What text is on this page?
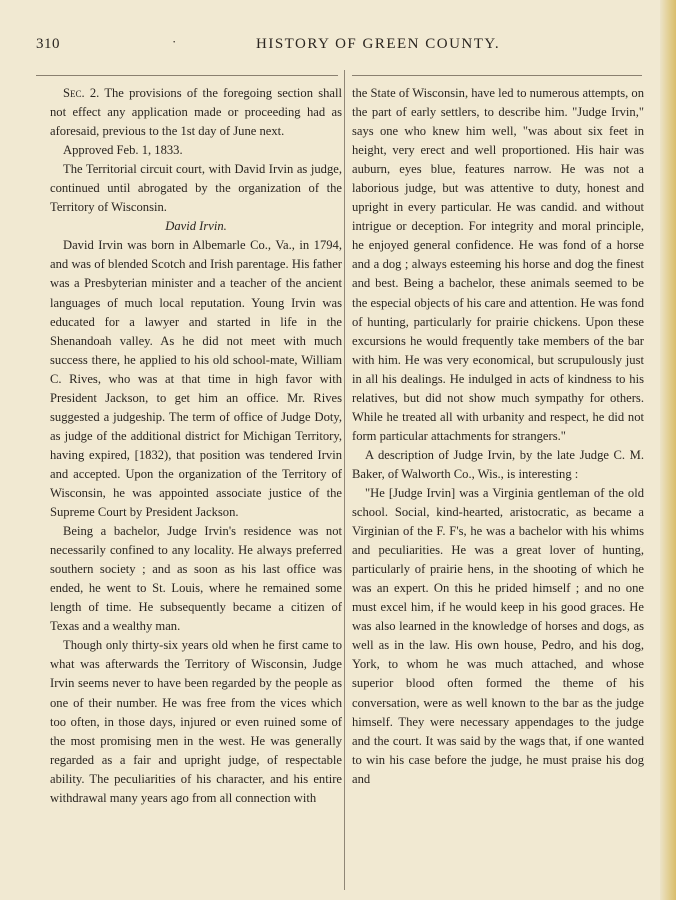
310	·	HISTORY OF GREEN COUNTY.

Sec. 2. The provisions of the foregoing section shall not effect any application made or proceeding had as aforesaid, previous to the 1st day of June next.

Approved Feb. 1, 1833.

The Territorial circuit court, with David Irvin as judge, continued until abrogated by the organization of the Territory of Wisconsin.

David Irvin.

David Irvin was born in Albemarle Co., Va., in 1794, and was of blended Scotch and Irish parentage. His father was a Presbyterian minister and a teacher of the ancient languages of much local reputation. Young Irvin was educated for a lawyer and started in life in the Shenandoah valley. As he did not meet with much success there, he applied to his old school-mate, William C. Rives, who was at that time in high favor with President Jackson, to get him an office. Mr. Rives suggested a judgeship. The term of office of Judge Doty, as judge of the additional district for Michigan Territory, having expired, [1832), that position was tendered Irvin and accepted. Upon the organization of the Territory of Wisconsin, he was appointed associate justice of the Supreme Court by President Jackson.

Being a bachelor, Judge Irvin's residence was not necessarily confined to any locality. He always preferred southern society ; and as soon as his last office was ended, he went to St. Louis, where he remained some length of time. He subsequently became a citizen of Texas and a wealthy man.

Though only thirty-six years old when he first came to what was afterwards the Territory of Wisconsin, Judge Irvin seems never to have been regarded by the people as one of their number. He was free from the vices which too often, in those days, injured or even ruined some of the most promising men in the west. He was generally regarded as a fair and upright judge, of respectable ability. The peculiarities of his character, and his entire withdrawal many years ago from all connection with

the State of Wisconsin, have led to numerous attempts, on the part of early settlers, to describe him. "Judge Irvin," says one who knew him well, "was about six feet in height, very erect and well proportioned. His hair was auburn, eyes blue, features narrow. He was not a laborious judge, but was attentive to duty, honest and upright in every particular. He was candid. and without intrigue or deception. For integrity and moral principle, he enjoyed general confidence. He was fond of a horse and a dog ; always esteeming his horse and dog the finest and best. Being a bachelor, these animals seemed to be the especial objects of his care and attention. He was fond of hunting, particularly for prairie chickens. Upon these excursions he would frequently take members of the bar with him. He was very economical, but scrupulously just in all his dealings. He indulged in acts of kindness to his relatives, but did not show much sympathy for others. While he treated all with urbanity and respect, he did not form particular attachments for strangers."

A description of Judge Irvin, by the late Judge C. M. Baker, of Walworth Co., Wis., is interesting :

"He [Judge Irvin] was a Virginia gentleman of the old school. Social, kind-hearted, aristocratic, as became a Virginian of the F. F's, he was a bachelor with his whims and peculiarities. He was a great lover of hunting, particularly of prairie hens, in the shooting of which he was an expert. On this he prided himself ; and no one must excel him, if he would keep in his good graces. He was also learned in the knowledge of horses and dogs, as well as in the law. His own house, Pedro, and his dog, York, to whom he was much attached, and whose superior blood often formed the theme of his conversation, were as well known to the bar as the judge himself. They were necessary appendages to the judge and the court. It was said by the wags that, if one wanted to win his case before the judge, he must praise his dog and
